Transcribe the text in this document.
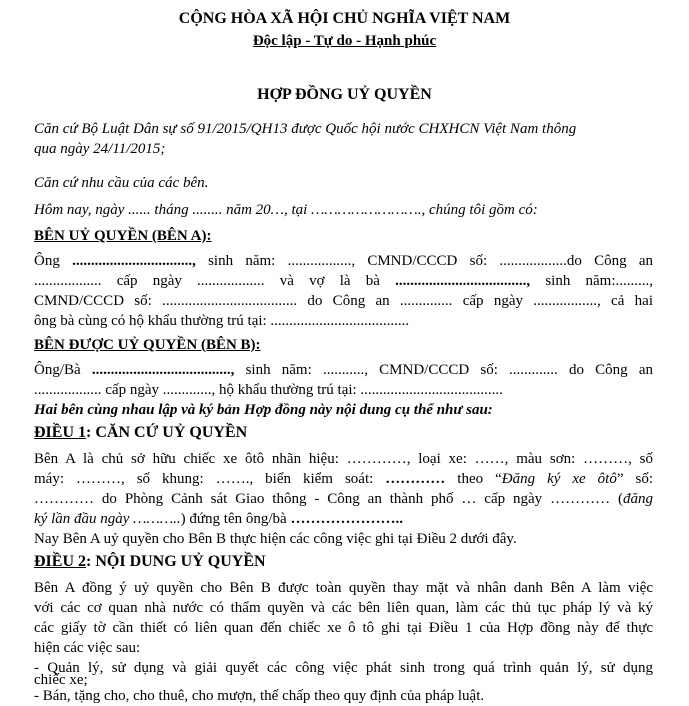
CỘNG HÒA XÃ HỘI CHỦ NGHĨA VIỆT NAM
Độc lập - Tự do - Hạnh phúc
HỢP ĐỒNG UỶ QUYỀN
Căn cứ Bộ Luật Dân sự số 91/2015/QH13 được Quốc hội nước CHXHCN Việt Nam thông
qua ngày 24/11/2015;
Căn cứ nhu cầu của các bên.
Hôm nay, ngày ...... tháng ........ năm 20…, tại ……………………., chúng tôi gồm có:
BÊN UỶ QUYỀN (BÊN A):
Ông ................................, sinh năm: ................., CMND/CCCD số: ..................do Công an
.................. cấp ngày .................. và vợ là bà ..................................., sinh năm:.........,
CMND/CCCD số: .................................... do Công an .............. cấp ngày ................., cả hai
ông bà cùng có hộ khẩu thường trú tại: .....................................
BÊN ĐƯỢC UỶ QUYỀN (BÊN B):
Ông/Bà ....................................., sinh năm: ..........., CMND/CCCD số: ............. do Công an
.................. cấp ngày ............., hộ khẩu thường trú tại: ......................................
Hai bên cùng nhau lập và ký bản Hợp đồng này nội dung cụ thể như sau:
ĐIỀU 1: CĂN CỨ UỶ QUYỀN
Bên A là chủ sở hữu chiếc xe ôtô nhãn hiệu: …………, loại xe: ……, màu sơn: ………, số
máy: ………, số khung: ……., biển kiểm soát: ………… theo “Đăng ký xe ôtô” số:
………… do Phòng Cảnh sát Giao thông - Công an thành phố … cấp ngày ………… (đăng
ký lần đầu ngày ………..) đứng tên ông/bà …………………..
Nay Bên A uỷ quyền cho Bên B thực hiện các công việc ghi tại Điều 2 dưới đây.
ĐIỀU 2: NỘI DUNG UỶ QUYỀN
Bên A đồng ý uỷ quyền cho Bên B được toàn quyền thay mặt và nhân danh Bên A làm việc
với các cơ quan nhà nước có thẩm quyền và các bên liên quan, làm các thủ tục pháp lý và ký
các giấy tờ cần thiết có liên quan đến chiếc xe ô tô ghi tại Điều 1 của Hợp đồng này để thực
hiện các việc sau:
- Quản lý, sử dụng và giải quyết các công việc phát sinh trong quá trình quản lý, sử dụng
chiếc xe;
- Bán, tặng cho, cho thuê, cho mượn, thế chấp theo quy định của pháp luật.
